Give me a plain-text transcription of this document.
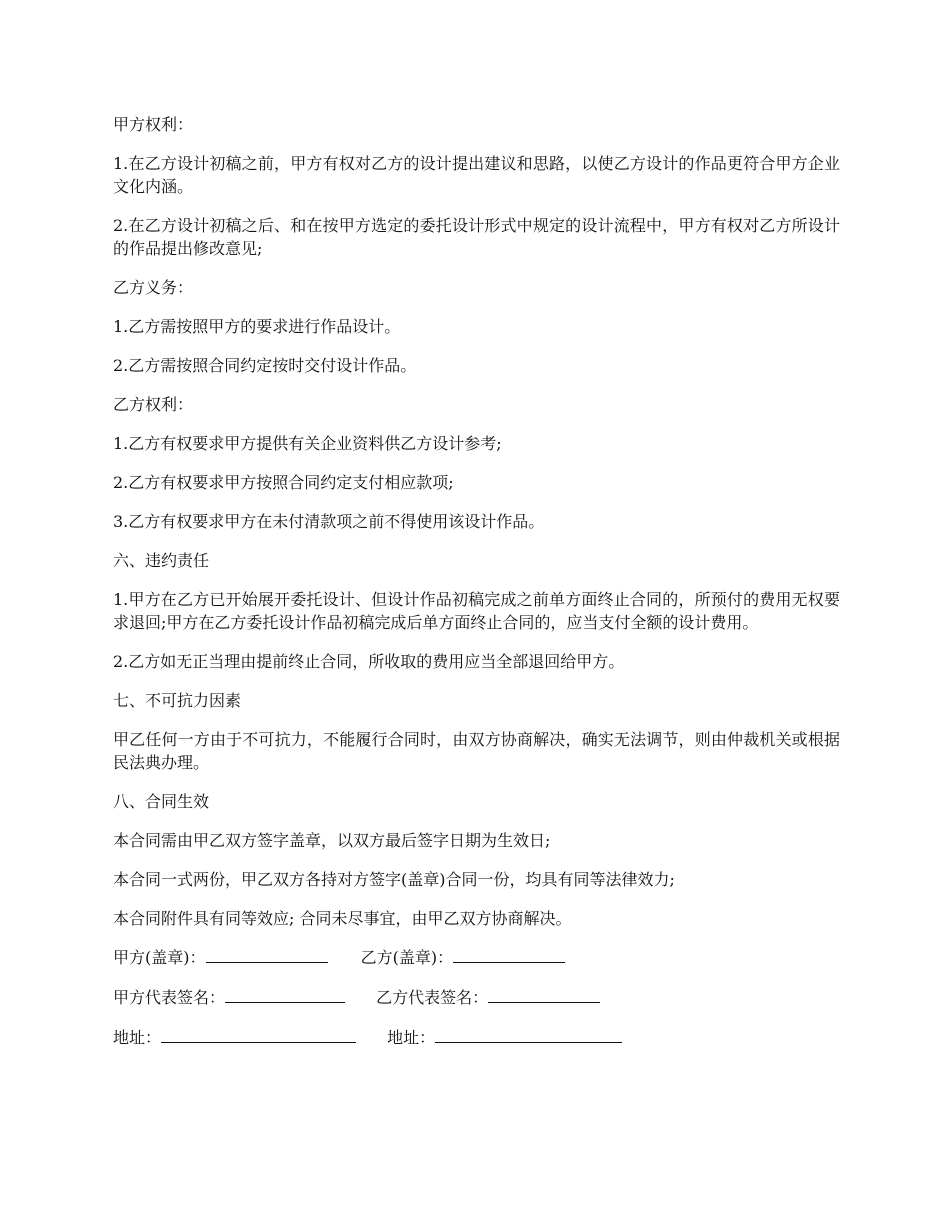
甲方权利：

1.在乙方设计初稿之前，甲方有权对乙方的设计提出建议和思路，以使乙方设计的作品更符合甲方企业文化内涵。

2.在乙方设计初稿之后、和在按甲方选定的委托设计形式中规定的设计流程中，甲方有权对乙方所设计的作品提出修改意见;

乙方义务：

1.乙方需按照甲方的要求进行作品设计。

2.乙方需按照合同约定按时交付设计作品。

乙方权利：

1.乙方有权要求甲方提供有关企业资料供乙方设计参考;

2.乙方有权要求甲方按照合同约定支付相应款项;

3.乙方有权要求甲方在未付清款项之前不得使用该设计作品。

六、违约责任

1.甲方在乙方已开始展开委托设计、但设计作品初稿完成之前单方面终止合同的，所预付的费用无权要求退回;甲方在乙方委托设计作品初稿完成后单方面终止合同的，应当支付全额的设计费用。

2.乙方如无正当理由提前终止合同，所收取的费用应当全部退回给甲方。

七、不可抗力因素

甲乙任何一方由于不可抗力，不能履行合同时，由双方协商解决，确实无法调节，则由仲裁机关或根据民法典办理。

八、合同生效

本合同需由甲乙双方签字盖章，以双方最后签字日期为生效日;

本合同一式两份，甲乙双方各持对方签字(盖章)合同一份，均具有同等法律效力;

本合同附件具有同等效应; 合同未尽事宜，由甲乙双方协商解决。

甲方(盖章)：	乙方(盖章)：
甲方代表签名：	乙方代表签名：
地址：	地址：
